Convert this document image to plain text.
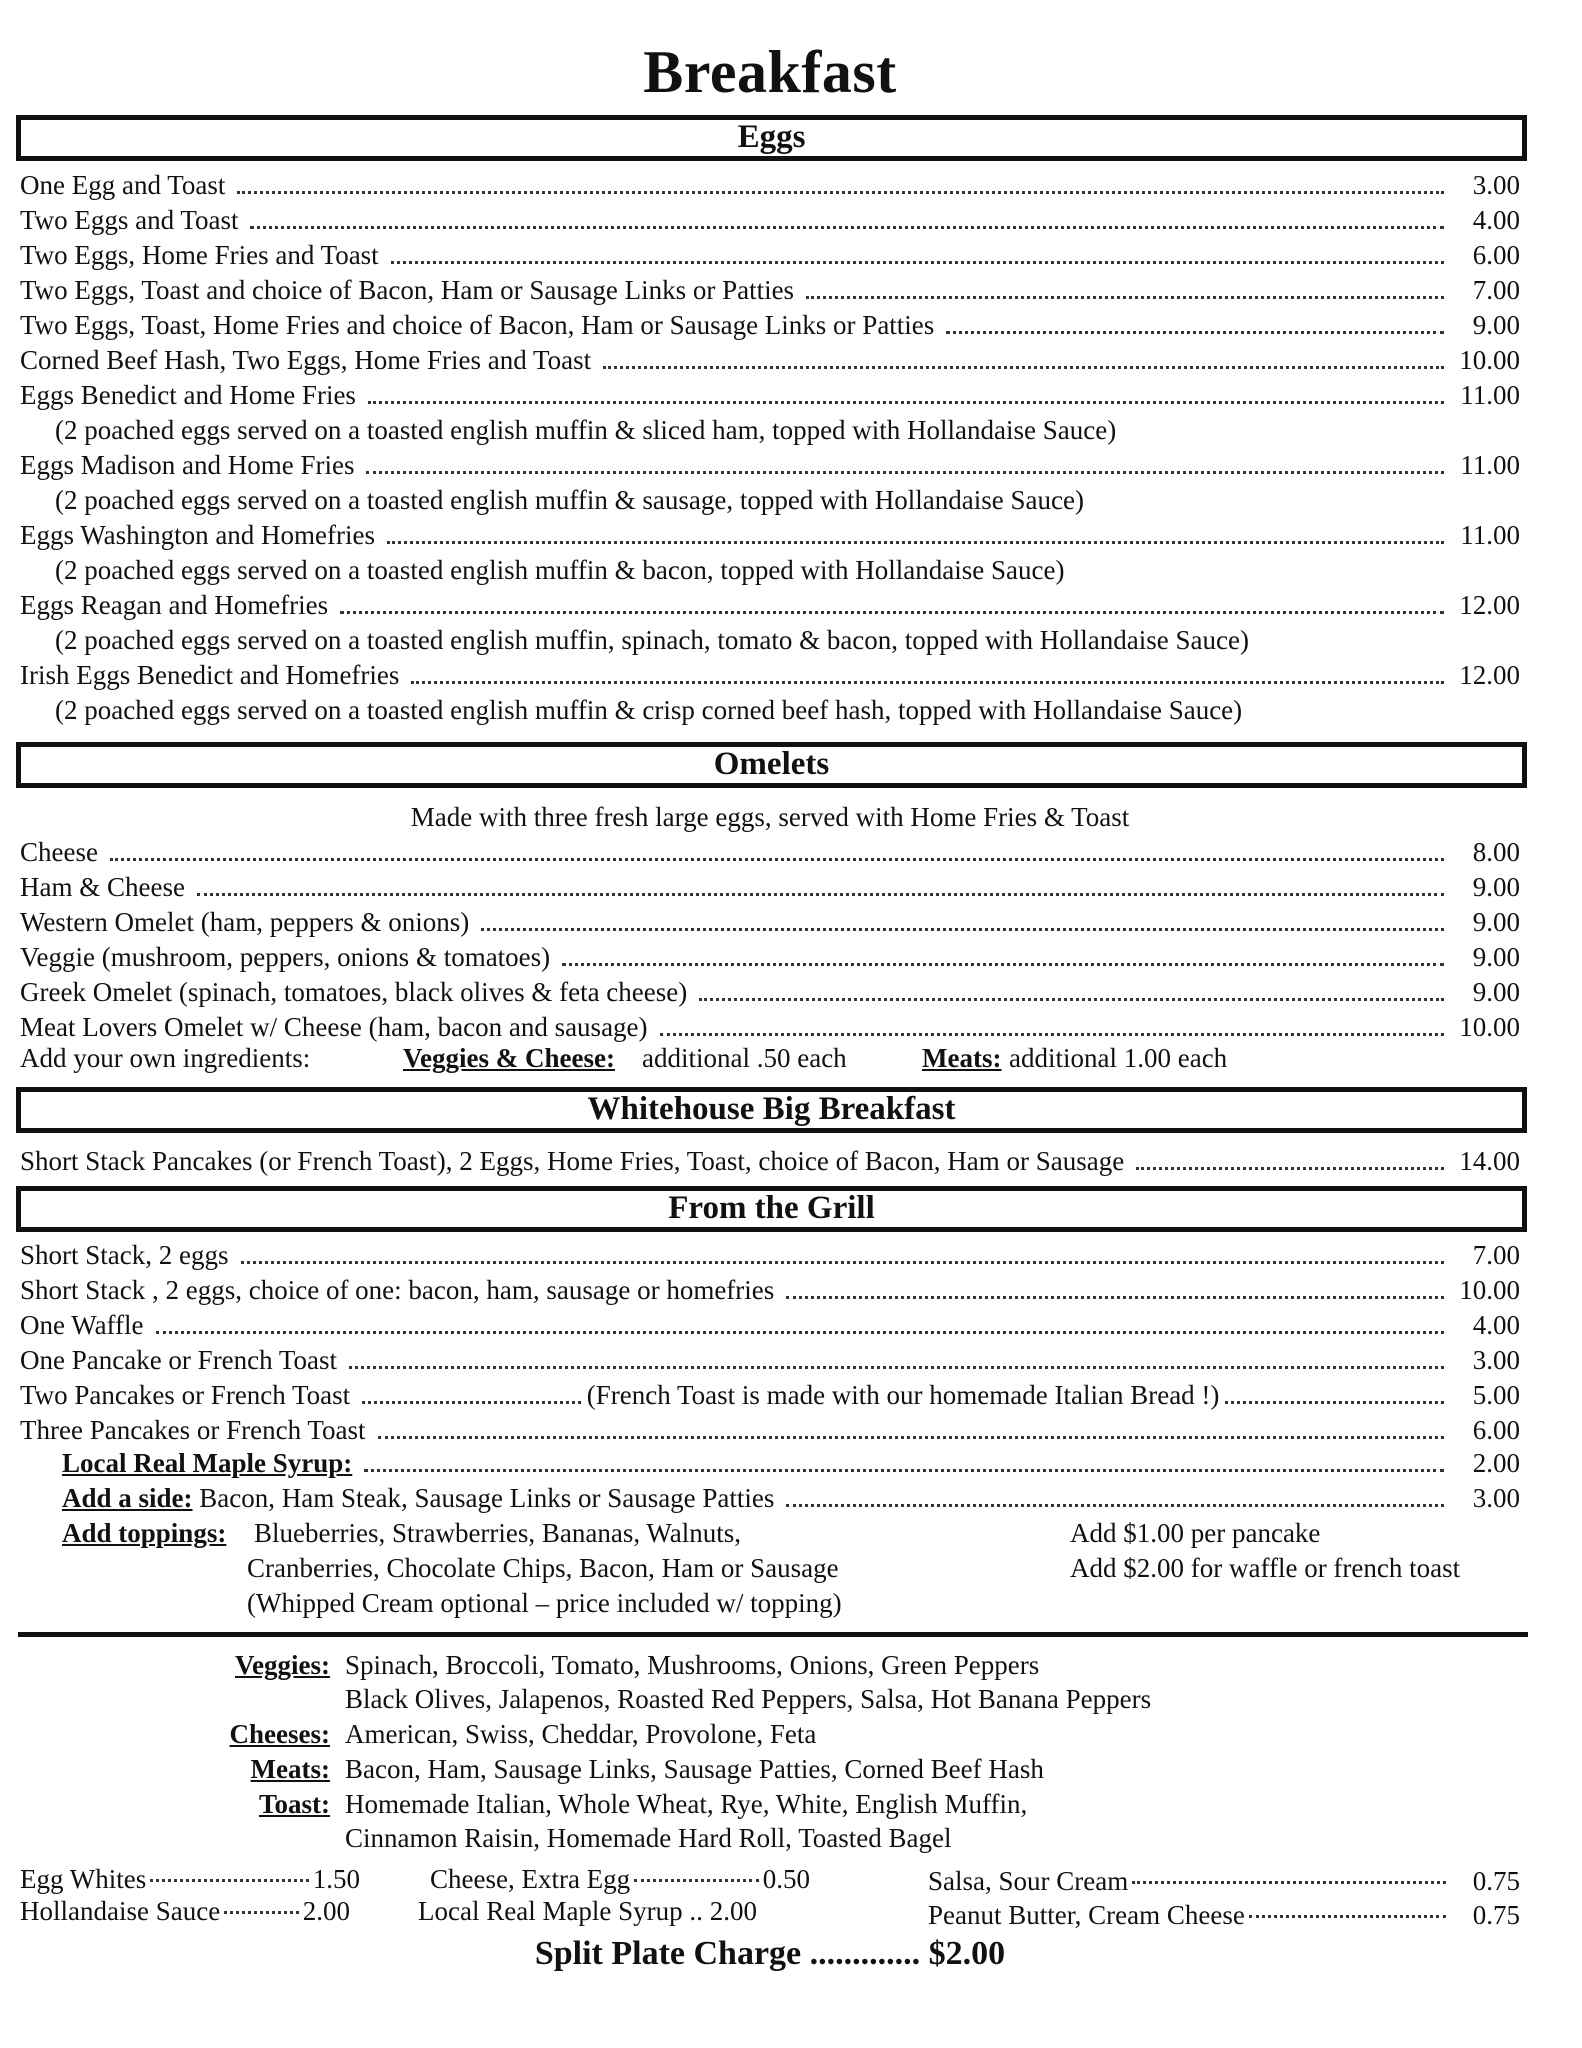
Breakfast
Eggs
One Egg and Toast	3.00
Two Eggs and Toast	4.00
Two Eggs, Home Fries and Toast	6.00
Two Eggs, Toast and choice of Bacon, Ham or Sausage Links or Patties	7.00
Two Eggs, Toast, Home Fries and choice of Bacon, Ham or Sausage Links or Patties	9.00
Corned Beef Hash, Two Eggs, Home Fries and Toast	10.00
Eggs Benedict and Home Fries	11.00
(2 poached eggs served on a toasted english muffin & sliced ham, topped with Hollandaise Sauce)
Eggs Madison and Home Fries	11.00
(2 poached eggs served on a toasted english muffin & sausage, topped with Hollandaise Sauce)
Eggs Washington and Homefries	11.00
(2 poached eggs served on a toasted english muffin & bacon, topped with Hollandaise Sauce)
Eggs Reagan and Homefries	12.00
(2 poached eggs served on a toasted english muffin, spinach, tomato & bacon, topped with Hollandaise Sauce)
Irish Eggs Benedict and Homefries	12.00
(2 poached eggs served on a toasted english muffin & crisp corned beef hash, topped with Hollandaise Sauce)
Omelets
Made with three fresh large eggs, served with Home Fries & Toast
Cheese	8.00
Ham & Cheese	9.00
Western Omelet (ham, peppers & onions)	9.00
Veggie (mushroom, peppers, onions & tomatoes)	9.00
Greek Omelet (spinach, tomatoes, black olives & feta cheese)	9.00
Meat Lovers Omelet w/ Cheese (ham, bacon and sausage)	10.00
Add your own ingredients:	Veggies & Cheese: additional .50 each	Meats: additional 1.00 each
Whitehouse Big Breakfast
Short Stack Pancakes (or French Toast), 2 Eggs, Home Fries, Toast, choice of Bacon, Ham or Sausage	14.00
From the Grill
Short Stack, 2 eggs	7.00
Short Stack , 2 eggs, choice of one: bacon, ham, sausage or homefries	10.00
One Waffle	4.00
One Pancake or French Toast	3.00
Two Pancakes or French Toast	(French Toast is made with our homemade Italian Bread !)	5.00
Three Pancakes or French Toast	6.00
Local Real Maple Syrup:	2.00
Add a side: Bacon, Ham Steak, Sausage Links or Sausage Patties	3.00
Add toppings: Blueberries, Strawberries, Bananas, Walnuts,
Cranberries, Chocolate Chips, Bacon, Ham or Sausage
(Whipped Cream optional – price included w/ topping)
Add $1.00 per pancake
Add $2.00 for waffle or french toast
Veggies: Spinach, Broccoli, Tomato, Mushrooms, Onions, Green Peppers
Black Olives, Jalapenos, Roasted Red Peppers, Salsa, Hot Banana Peppers
Cheeses: American, Swiss, Cheddar, Provolone, Feta
Meats: Bacon, Ham, Sausage Links, Sausage Patties, Corned Beef Hash
Toast: Homemade Italian, Whole Wheat, Rye, White, English Muffin,
Cinnamon Raisin, Homemade Hard Roll, Toasted Bagel
Egg Whites	1.50
Hollandaise Sauce	2.00
Cheese, Extra Egg	0.50
Local Real Maple Syrup .. 2.00
Salsa, Sour Cream	0.75
Peanut Butter, Cream Cheese	0.75
Split Plate Charge ............. $2.00
